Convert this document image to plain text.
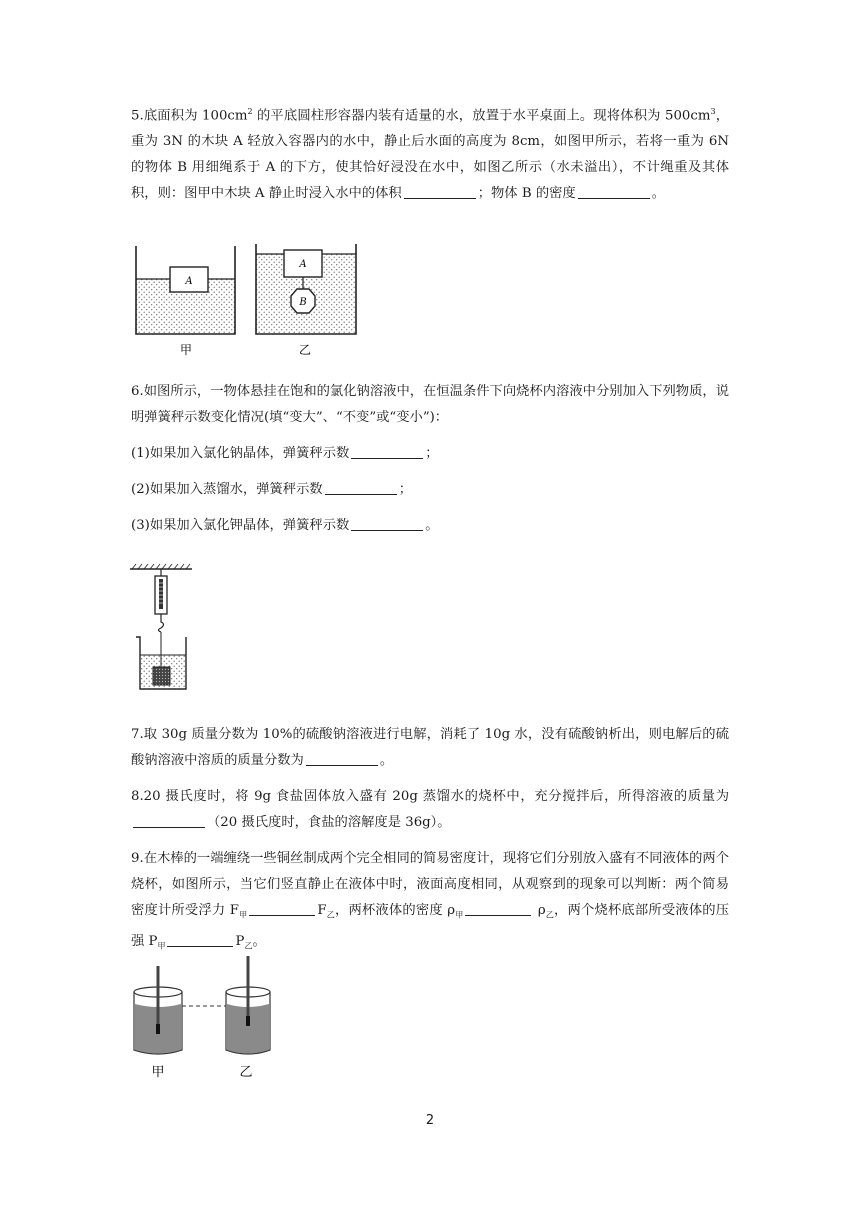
5.底面积为 $100cm^2$ 的平底圆柱形容器内装有适量的水，放置于水平桌面上。现将体积为 $500cm^3$，重为 3N 的木块 A 轻放入容器内的水中，静止后水面的高度为 8cm，如图甲所示，若将一重为 6N 的物体 B 用细绳系于 A 的下方，使其恰好浸没在水中，如图乙所示（水未溢出），不计绳重及其体积，则：图甲中木块 A 静止时浸入水中的体积	；物体 B 的密度	。

A
A
B
甲	乙

6.如图所示，一物体悬挂在饱和的氯化钠溶液中，在恒温条件下向烧杯内溶液中分别加入下列物质，说明弹簧秤示数变化情况(填“变大”、“不变”或“变小”)：

(1)如果加入氯化钠晶体，弹簧秤示数	；

(2)如果加入蒸馏水，弹簧秤示数	；

(3)如果加入氯化钾晶体，弹簧秤示数	。

7.取 30g 质量分数为 10%的硫酸钠溶液进行电解，消耗了 10g 水，没有硫酸钠析出，则电解后的硫酸钠溶液中溶质的质量分数为	。

8.20 摄氏度时，将 9g 食盐固体放入盛有 20g 蒸馏水的烧杯中，充分搅拌后，所得溶液的质量为（20 摄氏度时，食盐的溶解度是 36g）。

9.在木棒的一端缠绕一些铜丝制成两个完全相同的简易密度计，现将它们分别放入盛有不同液体的两个烧杯，如图所示，当它们竖直静止在液体中时，液面高度相同，从观察到的现象可以判断：两个简易密度计所受浮力 $F_甲$	$F_乙$，两杯液体的密度 $\rho_甲$	$\rho_乙$，两个烧杯底部所受液体的压强 $P_甲$	$P_乙$。

甲	乙
2
